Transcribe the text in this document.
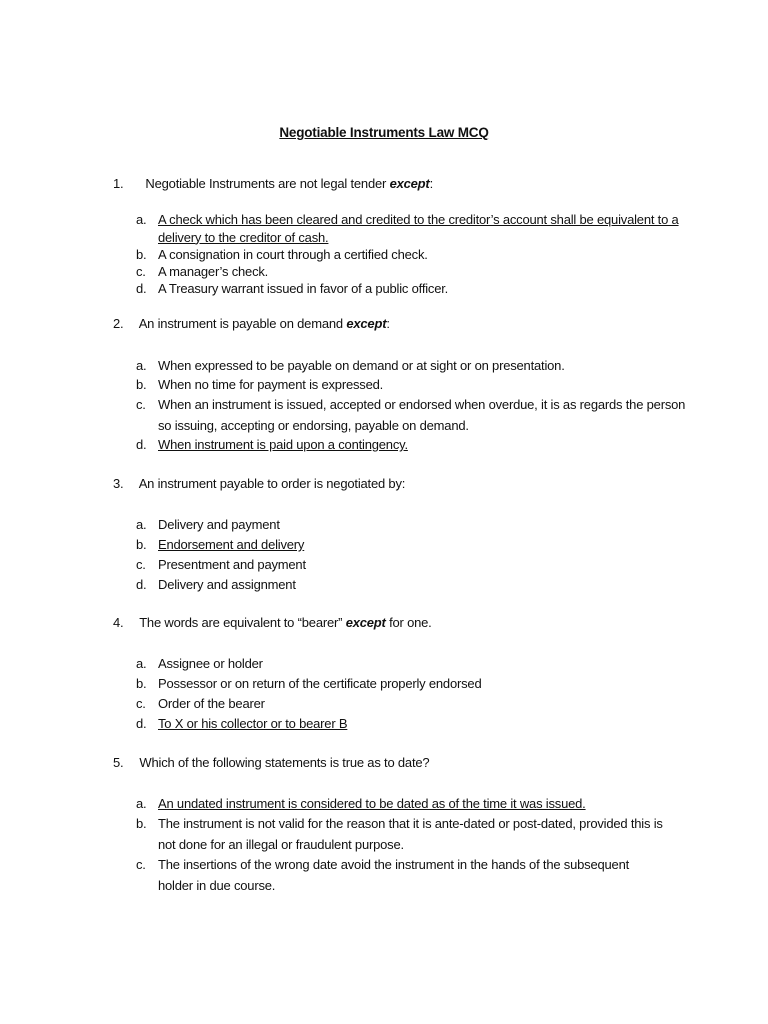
Negotiable Instruments Law MCQ
1. Negotiable Instruments are not legal tender except:
a. A check which has been cleared and credited to the creditor’s account shall be equivalent to a delivery to the creditor of cash.
b. A consignation in court through a certified check.
c. A manager’s check.
d. A Treasury warrant issued in favor of a public officer.
2. An instrument is payable on demand except:
a. When expressed to be payable on demand or at sight or on presentation.
b. When no time for payment is expressed.
c. When an instrument is issued, accepted or endorsed when overdue, it is as regards the person so issuing, accepting or endorsing, payable on demand.
d. When instrument is paid upon a contingency.
3. An instrument payable to order is negotiated by:
a. Delivery and payment
b. Endorsement and delivery
c. Presentment and payment
d. Delivery and assignment
4. The words are equivalent to “bearer” except for one.
a. Assignee or holder
b. Possessor or on return of the certificate properly endorsed
c. Order of the bearer
d. To X or his collector or to bearer B
5. Which of the following statements is true as to date?
a. An undated instrument is considered to be dated as of the time it was issued.
b. The instrument is not valid for the reason that it is ante-dated or post-dated, provided this is not done for an illegal or fraudulent purpose.
c. The insertions of the wrong date avoid the instrument in the hands of the subsequent holder in due course.
